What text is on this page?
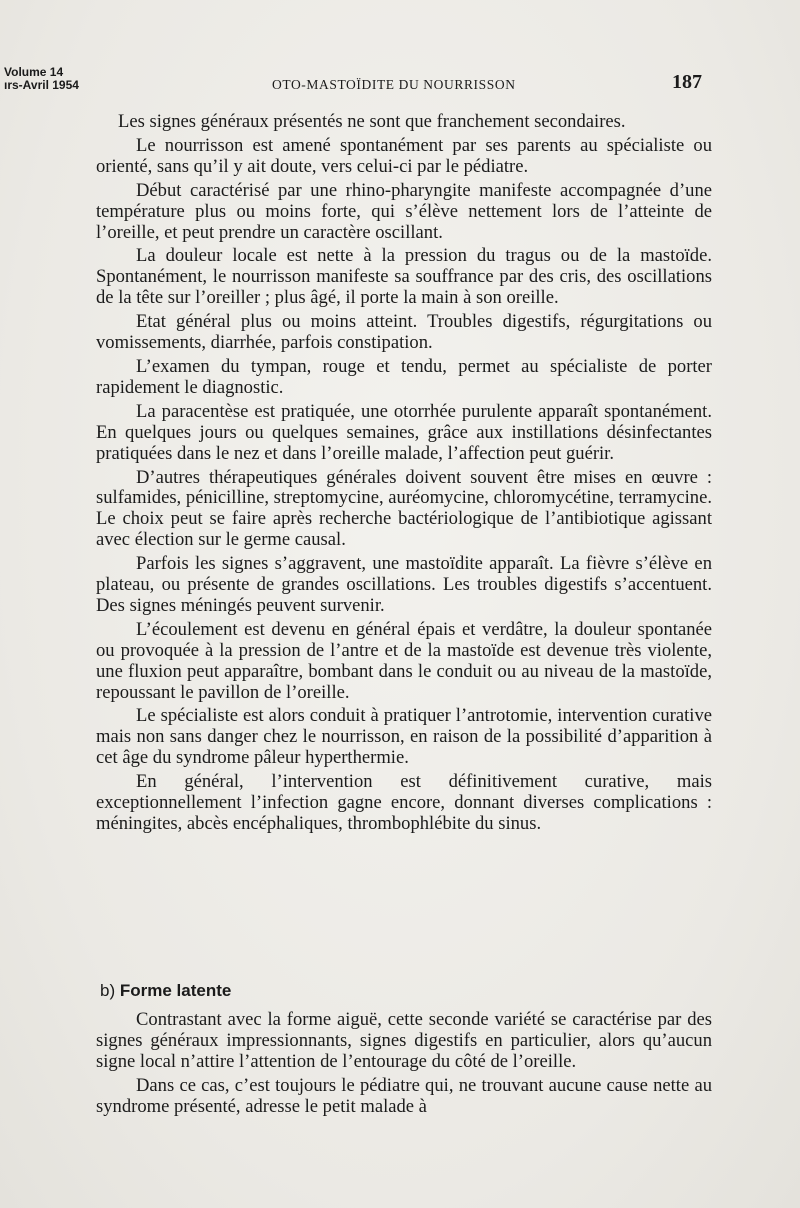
Volume 14
ırs-Avril 1954	OTO-MASTOÏDITE DU NOURRISSON	187

Les signes généraux présentés ne sont que franchement secondaires.

Le nourrisson est amené spontanément par ses parents au spécialiste ou orienté, sans qu’il y ait doute, vers celui-ci par le pédiatre.

Début caractérisé par une rhino-pharyngite manifeste accompagnée d’une température plus ou moins forte, qui s’élève nettement lors de l’atteinte de l’oreille, et peut prendre un caractère oscillant.

La douleur locale est nette à la pression du tragus ou de la mastoïde. Spontanément, le nourrisson manifeste sa souffrance par des cris, des oscillations de la tête sur l’oreiller ; plus âgé, il porte la main à son oreille.

Etat général plus ou moins atteint. Troubles digestifs, régurgitations ou vomissements, diarrhée, parfois constipation.

L’examen du tympan, rouge et tendu, permet au spécialiste de porter rapidement le diagnostic.

La paracentèse est pratiquée, une otorrhée purulente apparaît spontanément. En quelques jours ou quelques semaines, grâce aux instillations désinfectantes pratiquées dans le nez et dans l’oreille malade, l’affection peut guérir.

D’autres thérapeutiques générales doivent souvent être mises en œuvre : sulfamides, pénicilline, streptomycine, auréomycine, chloromycétine, terramycine. Le choix peut se faire après recherche bactériologique de l’antibiotique agissant avec élection sur le germe causal.

Parfois les signes s’aggravent, une mastoïdite apparaît. La fièvre s’élève en plateau, ou présente de grandes oscillations. Les troubles digestifs s’accentuent. Des signes méningés peuvent survenir.

L’écoulement est devenu en général épais et verdâtre, la douleur spontanée ou provoquée à la pression de l’antre et de la mastoïde est devenue très violente, une fluxion peut apparaître, bombant dans le conduit ou au niveau de la mastoïde, repoussant le pavillon de l’oreille.

Le spécialiste est alors conduit à pratiquer l’antrotomie, intervention curative mais non sans danger chez le nourrisson, en raison de la possibilité d’apparition à cet âge du syndrome pâleur hyperthermie.

En général, l’intervention est définitivement curative, mais exceptionnellement l’infection gagne encore, donnant diverses complications : méningites, abcès encéphaliques, thrombophlébite du sinus.

b) Forme latente

Contrastant avec la forme aiguë, cette seconde variété se caractérise par des signes généraux impressionnants, signes digestifs en particulier, alors qu’aucun signe local n’attire l’attention de l’entourage du côté de l’oreille.

Dans ce cas, c’est toujours le pédiatre qui, ne trouvant aucune cause nette au syndrome présenté, adresse le petit malade à
